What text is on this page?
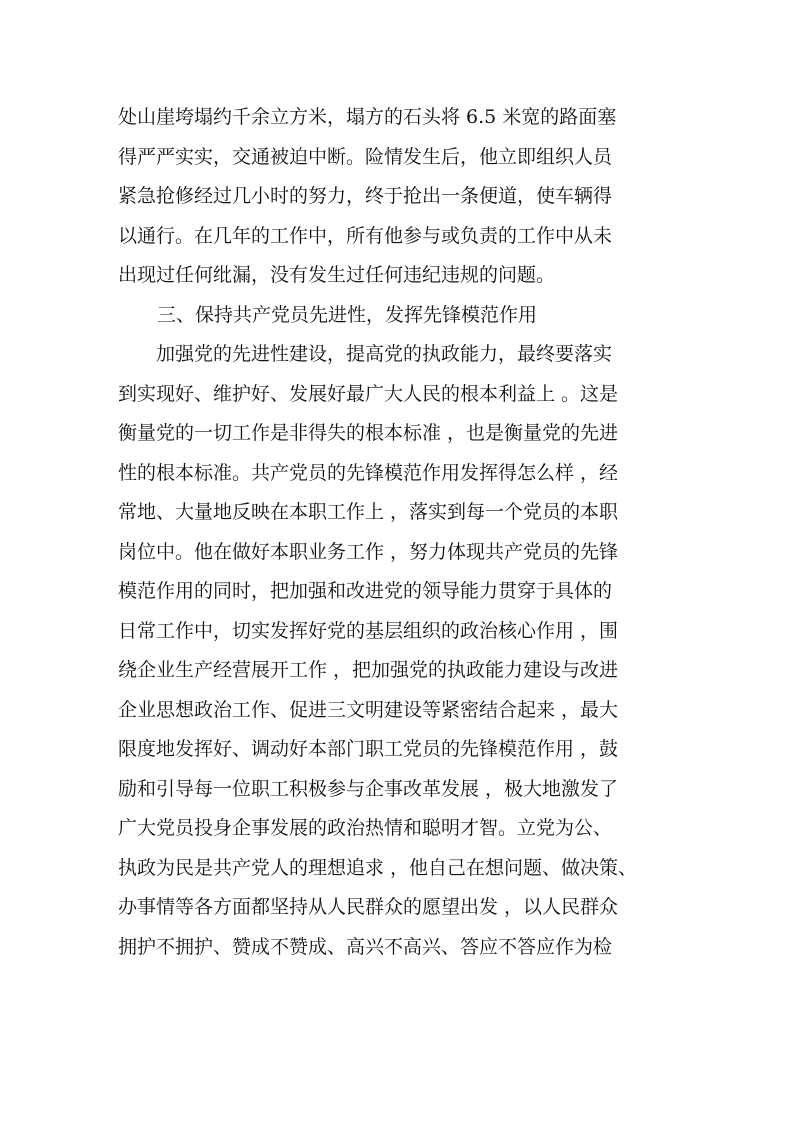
处山崖垮塌约千余立方米，塌方的石头将 6.5 米宽的路面塞
得严严实实，交通被迫中断。险情发生后，他立即组织人员
紧急抢修经过几小时的努力，终于抢出一条便道，使车辆得
以通行。在几年的工作中，所有他参与或负责的工作中从未
出现过任何纰漏，没有发生过任何违纪违规的问题。
三、保持共产党员先进性，发挥先锋模范作用
加强党的先进性建设，提高党的执政能力，最终要落实
到实现好、维护好、发展好最广大人民的根本利益上 。这是
衡量党的一切工作是非得失的根本标准 ，也是衡量党的先进
性的根本标准。共产党员的先锋模范作用发挥得怎么样 ，经
常地、大量地反映在本职工作上 ，落实到每一个党员的本职
岗位中。他在做好本职业务工作 ，努力体现共产党员的先锋
模范作用的同时，把加强和改进党的领导能力贯穿于具体的
日常工作中，切实发挥好党的基层组织的政治核心作用 ，围
绕企业生产经营展开工作 ，把加强党的执政能力建设与改进
企业思想政治工作、促进三文明建设等紧密结合起来 ，最大
限度地发挥好、调动好本部门职工党员的先锋模范作用 ，鼓
励和引导每一位职工积极参与企事改革发展 ，极大地激发了
广大党员投身企事发展的政治热情和聪明才智。立党为公、
执政为民是共产党人的理想追求 ，他自己在想问题、做决策、
办事情等各方面都坚持从人民群众的愿望出发 ，以人民群众
拥护不拥护、赞成不赞成、高兴不高兴、答应不答应作为检
